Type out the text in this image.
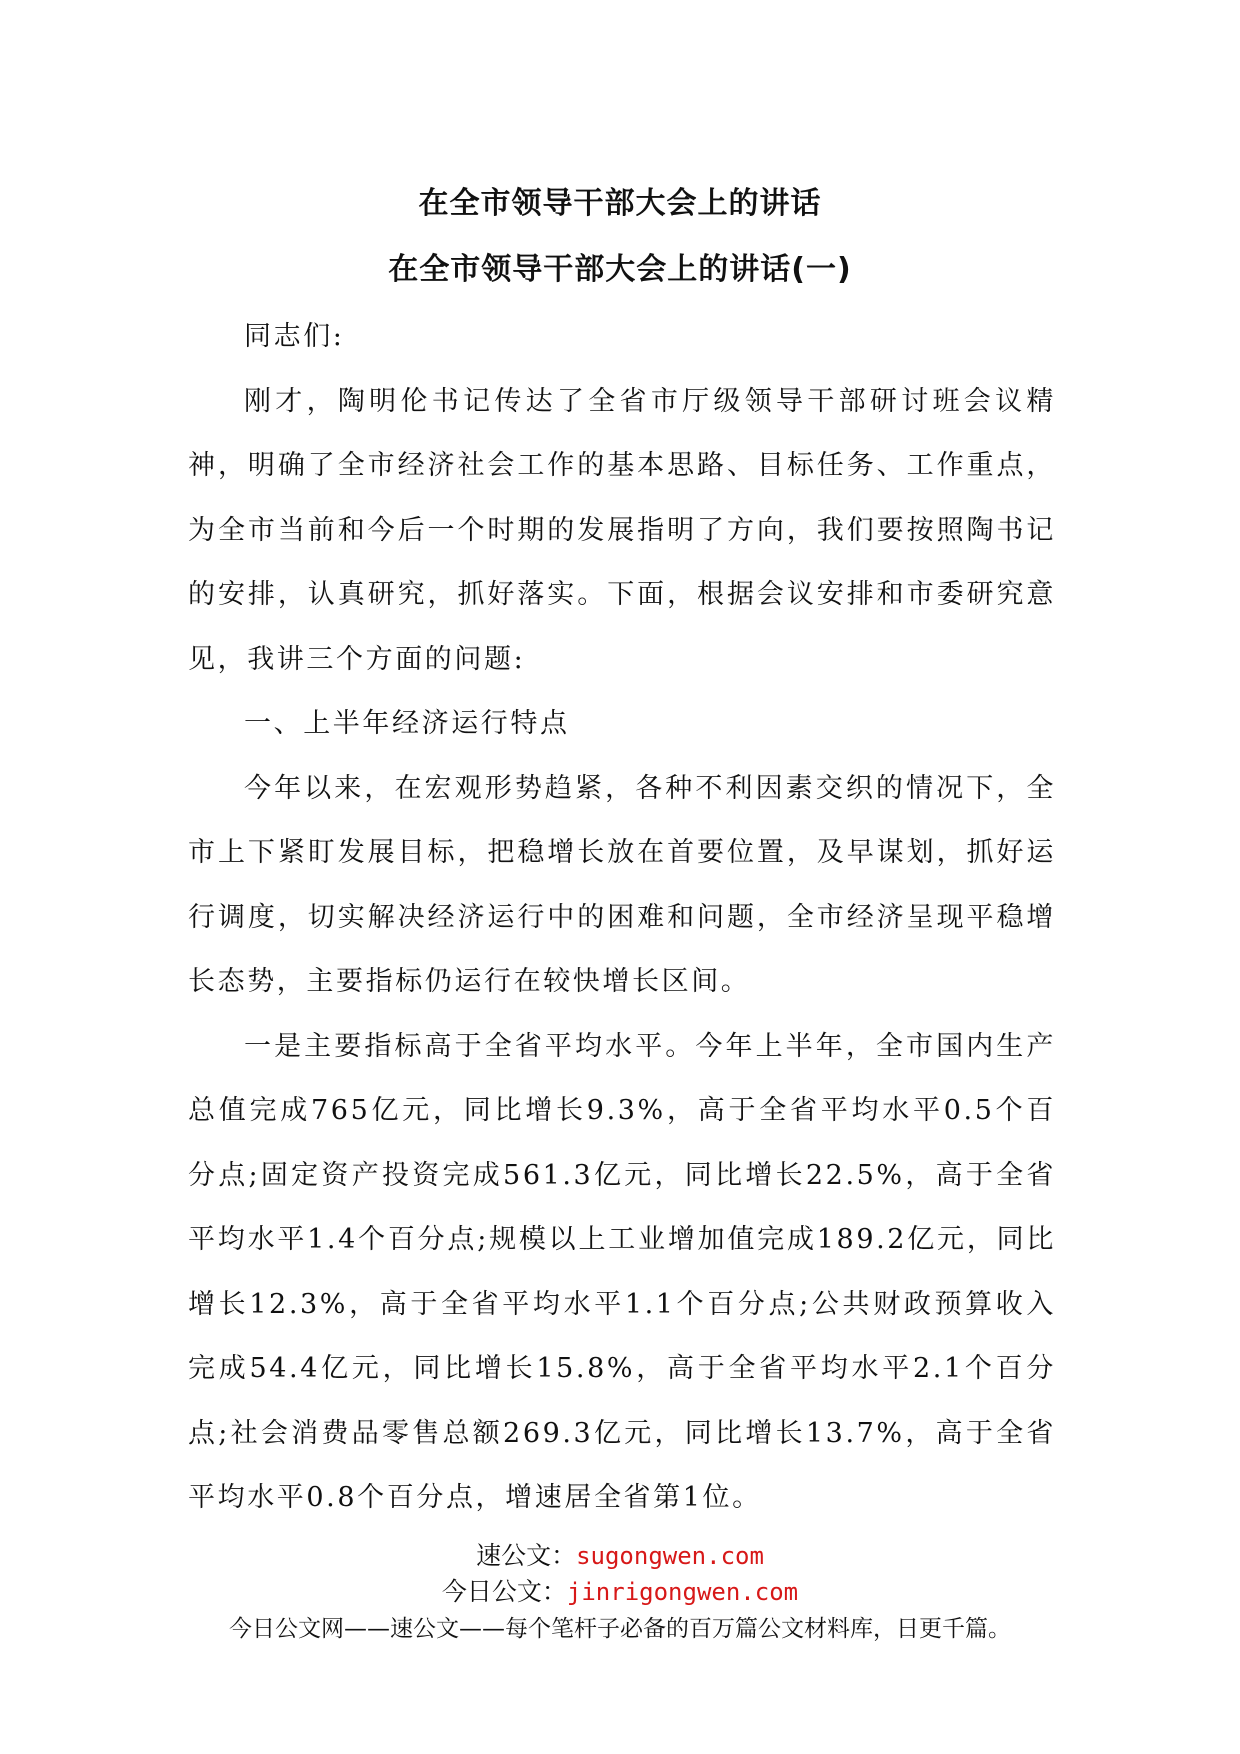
在全市领导干部大会上的讲话
在全市领导干部大会上的讲话(一)

同志们:

刚才，陶明伦书记传达了全省市厅级领导干部研讨班会议精神，明确了全市经济社会工作的基本思路、目标任务、工作重点，为全市当前和今后一个时期的发展指明了方向，我们要按照陶书记的安排，认真研究，抓好落实。下面，根据会议安排和市委研究意见，我讲三个方面的问题:

一、上半年经济运行特点

今年以来，在宏观形势趋紧，各种不利因素交织的情况下，全市上下紧盯发展目标，把稳增长放在首要位置，及早谋划，抓好运行调度，切实解决经济运行中的困难和问题，全市经济呈现平稳增长态势，主要指标仍运行在较快增长区间。

一是主要指标高于全省平均水平。今年上半年，全市国内生产总值完成765亿元，同比增长9.3%，高于全省平均水平0.5个百分点;固定资产投资完成561.3亿元，同比增长22.5%，高于全省平均水平1.4个百分点;规模以上工业增加值完成189.2亿元，同比增长12.3%，高于全省平均水平1.1个百分点;公共财政预算收入完成54.4亿元，同比增长15.8%，高于全省平均水平2.1个百分点;社会消费品零售总额269.3亿元，同比增长13.7%，高于全省平均水平0.8个百分点，增速居全省第1位。

速公文：sugongwen.com
今日公文：jinrigongwen.com
今日公文网——速公文——每个笔杆子必备的百万篇公文材料库，日更千篇。
